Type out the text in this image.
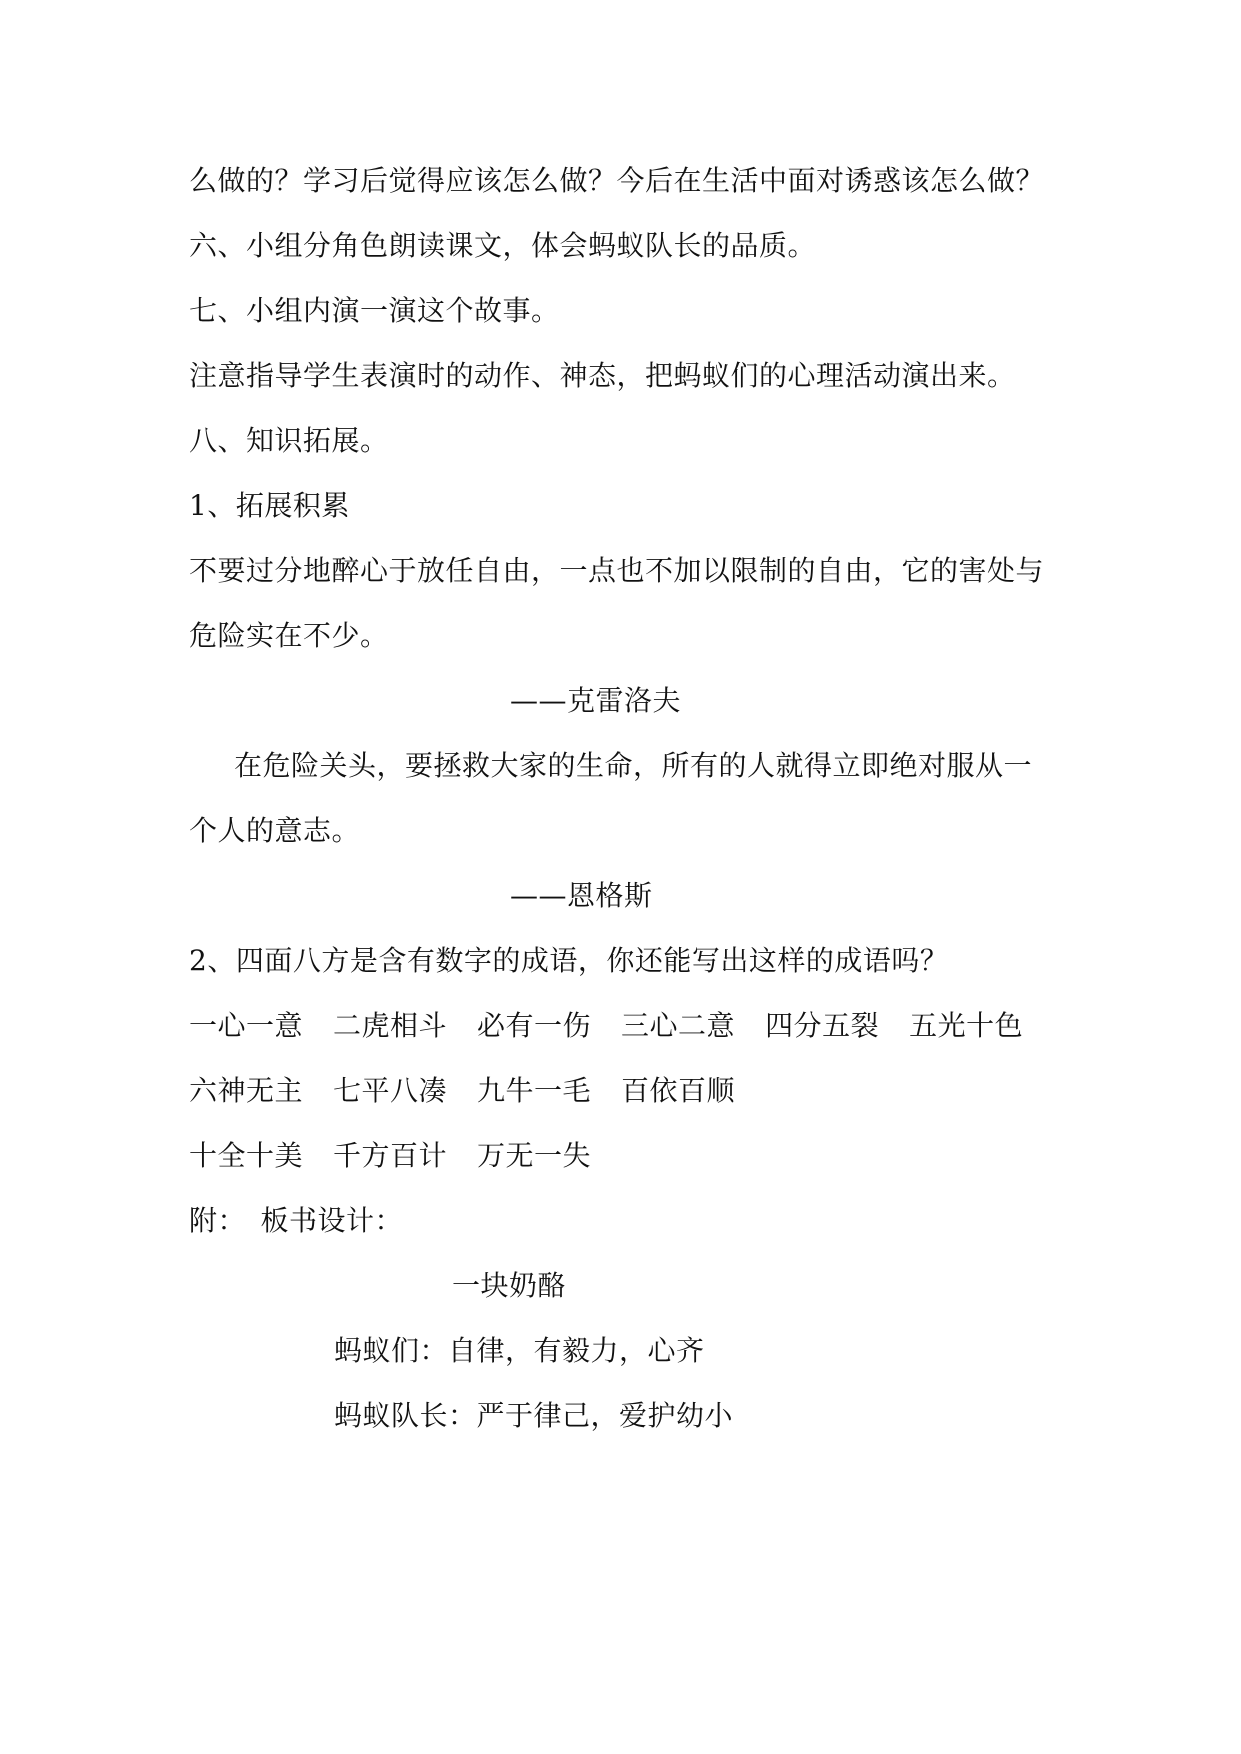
么做的？学习后觉得应该怎么做？今后在生活中面对诱惑该怎么做？
六、小组分角色朗读课文，体会蚂蚁队长的品质。
七、小组内演一演这个故事。
注意指导学生表演时的动作、神态，把蚂蚁们的心理活动演出来。
八、知识拓展。
1、拓展积累
不要过分地醉心于放任自由，一点也不加以限制的自由，它的害处与
危险实在不少。
——克雷洛夫
在危险关头，要拯救大家的生命，所有的人就得立即绝对服从一
个人的意志。
——恩格斯
2、四面八方是含有数字的成语，你还能写出这样的成语吗？
一心一意 二虎相斗 必有一伤 三心二意 四分五裂 五光十色
六神无主 七平八凑 九牛一毛 百依百顺
十全十美 千方百计 万无一失
附：　板书设计：
一块奶酪
蚂蚁们：自律，有毅力，心齐
蚂蚁队长：严于律己，爱护幼小
